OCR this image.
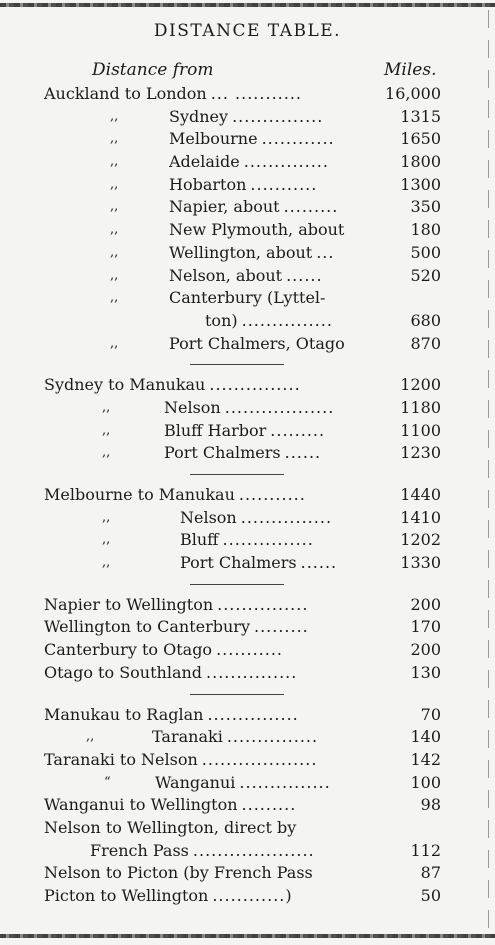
DISTANCE TABLE.
Distance from	Miles.
Auckland to London ... ...........	16,000
,,	Sydney ...............	1315
,,	Melbourne ............	1650
,,	Adelaide ..............	1800
,,	Hobarton ...........	1300
,,	Napier, about .........	350
,,	New Plymouth, about	180
,,	Wellington, about ...	500
,,	Nelson, about ......	520
,,	Canterbury (Lyttel-
ton) ...............	680
,,	Port Chalmers, Otago	870
Sydney to Manukau ...............	1200
,,	Nelson ..................	1180
,,	Bluff Harbor .........	1100
,,	Port Chalmers ......	1230
Melbourne to Manukau ...........	1440
,,	Nelson ...............	1410
,,	Bluff ...............	1202
,,	Port Chalmers ......	1330
Napier to Wellington ...............	200
Wellington to Canterbury .........	170
Canterbury to Otago ...........	200
Otago to Southland ...............	130
Manukau to Raglan ...............	70
,,	Taranaki ...............	140
Taranaki to Nelson ...................	142
“	Wanganui ...............	100
Wanganui to Wellington .........	98
Nelson to Wellington, direct by
French Pass ....................	112
Nelson to Picton (by French Pass	87
Picton to Wellington ............)	50
